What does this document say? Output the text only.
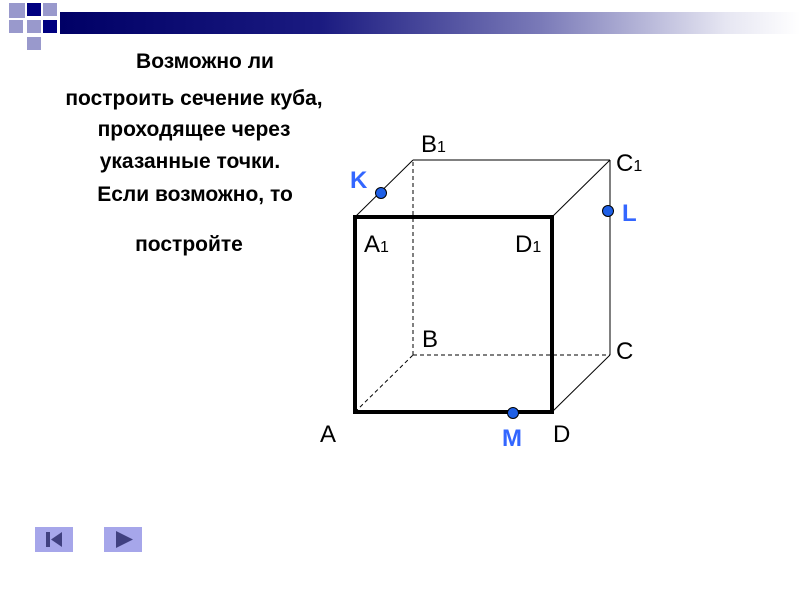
Возможно ли

построить сечение куба,

проходящее через

указанные точки.

Если возможно, то

постройте

B1
C1
A1	D1
B	C
A	D
K
L
M
